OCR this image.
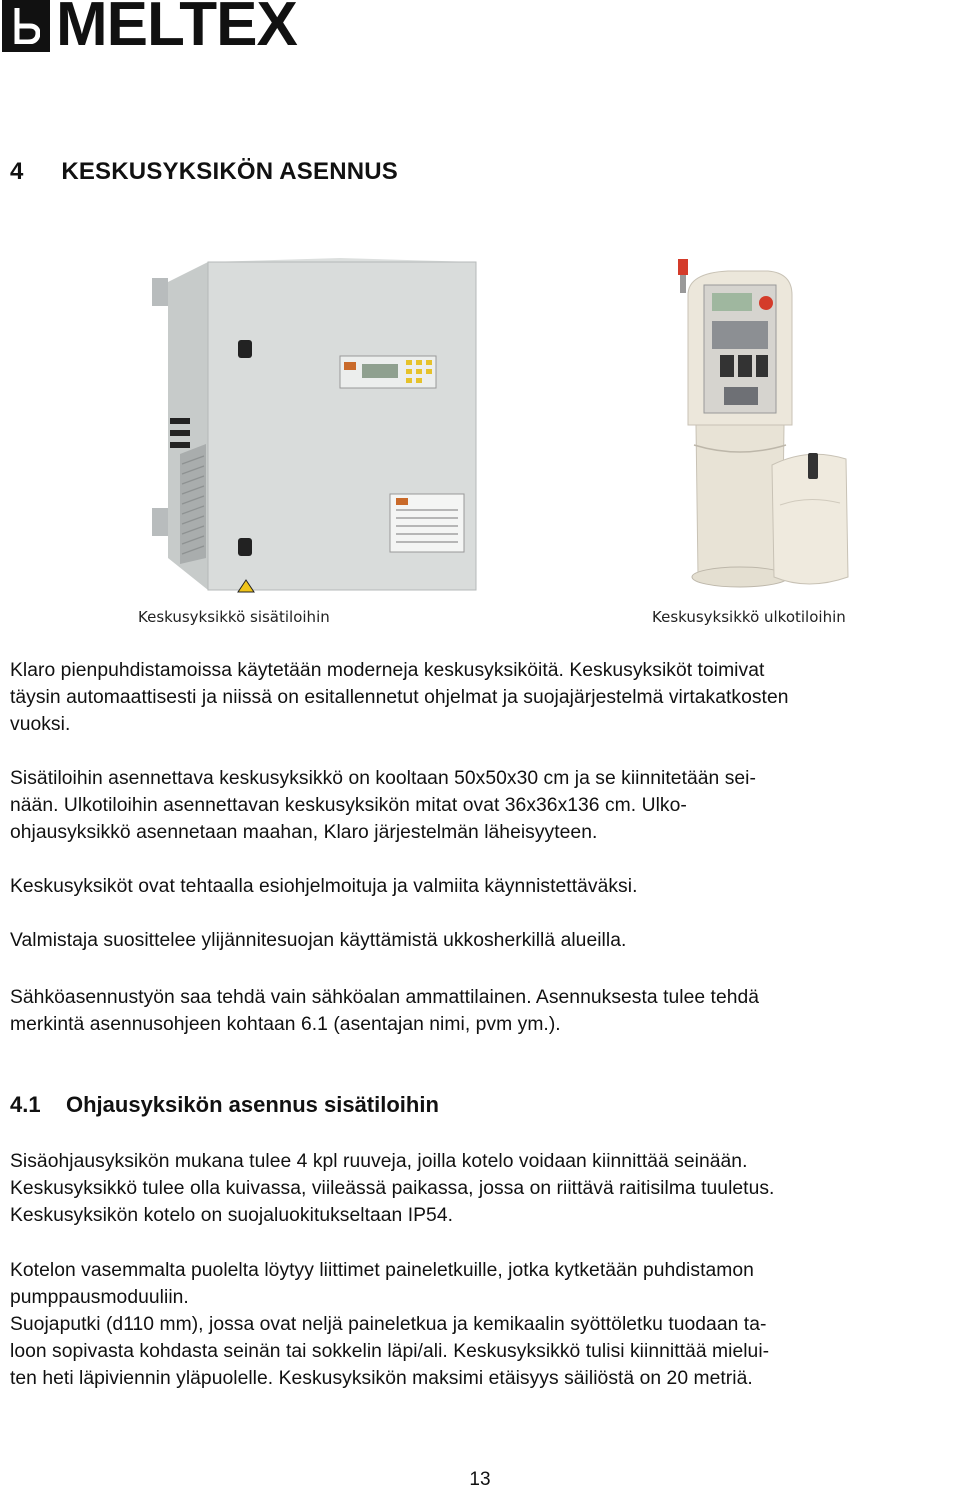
MELTEX
4 KESKUSYKSIKÖN ASENNUS
Keskusyksikkö sisätiloihin	Keskusyksikkö ulkotiloihin
Klaro pienpuhdistamoissa käytetään moderneja keskusyksiköitä. Keskusyksiköt toimivat
täysin automaattisesti ja niissä on esitallennetut ohjelmat ja suojajärjestelmä virtakatkosten
vuoksi.
Sisätiloihin asennettava keskusyksikkö on kooltaan 50x50x30 cm ja se kiinnitetään sei-
nään. Ulkotiloihin asennettavan keskusyksikön mitat ovat 36x36x136 cm. Ulko-
ohjausyksikkö asennetaan maahan, Klaro järjestelmän läheisyyteen.
Keskusyksiköt ovat tehtaalla esiohjelmoituja ja valmiita käynnistettäväksi.
Valmistaja suosittelee ylijännitesuojan käyttämistä ukkosherkillä alueilla.
Sähköasennustyön saa tehdä vain sähköalan ammattilainen. Asennuksesta tulee tehdä
merkintä asennusohjeen kohtaan 6.1 (asentajan nimi, pvm ym.).
4.1 Ohjausyksikön asennus sisätiloihin
Sisäohjausyksikön mukana tulee 4 kpl ruuveja, joilla kotelo voidaan kiinnittää seinään.
Keskusyksikkö tulee olla kuivassa, viileässä paikassa, jossa on riittävä raitisilma tuuletus.
Keskusyksikön kotelo on suojaluokitukseltaan IP54.
Kotelon vasemmalta puolelta löytyy liittimet paineletkuille, jotka kytketään puhdistamon
pumppausmoduuliin.
Suojaputki (d110 mm), jossa ovat neljä paineletkua ja kemikaalin syöttöletku tuodaan ta-
loon sopivasta kohdasta seinän tai sokkelin läpi/ali. Keskusyksikkö tulisi kiinnittää mielui-
ten heti läpiviennin yläpuolelle. Keskusyksikön maksimi etäisyys säiliöstä on 20 metriä.
13
